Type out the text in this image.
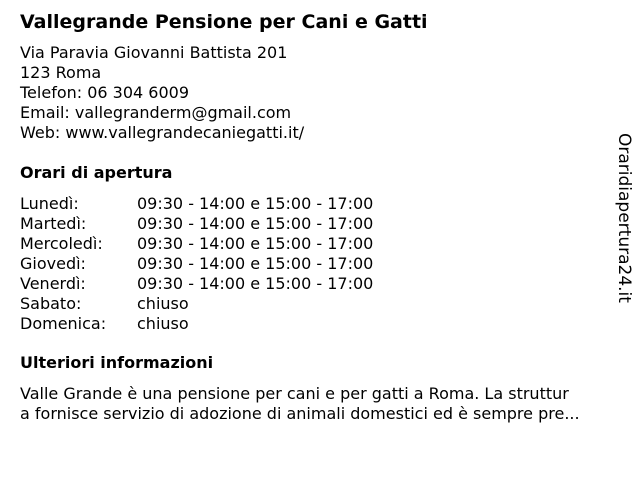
Vallegrande Pensione per Cani e Gatti
Via Paravia Giovanni Battista 201
123 Roma
Telefon: 06 304 6009
Email: vallegranderm@gmail.com
Web: www.vallegrandecaniegatti.it/
Orari di apertura
Lunedì:	09:30 - 14:00 e 15:00 - 17:00
Martedì:	09:30 - 14:00 e 15:00 - 17:00
Mercoledì:	09:30 - 14:00 e 15:00 - 17:00
Giovedì:	09:30 - 14:00 e 15:00 - 17:00
Venerdì:	09:30 - 14:00 e 15:00 - 17:00
Sabato:	chiuso
Domenica:	chiuso
Ulteriori informazioni
Valle Grande è una pensione per cani e per gatti a Roma. La struttur
a fornisce servizio di adozione di animali domestici ed è sempre pre...
Oraridiapertura24.it
